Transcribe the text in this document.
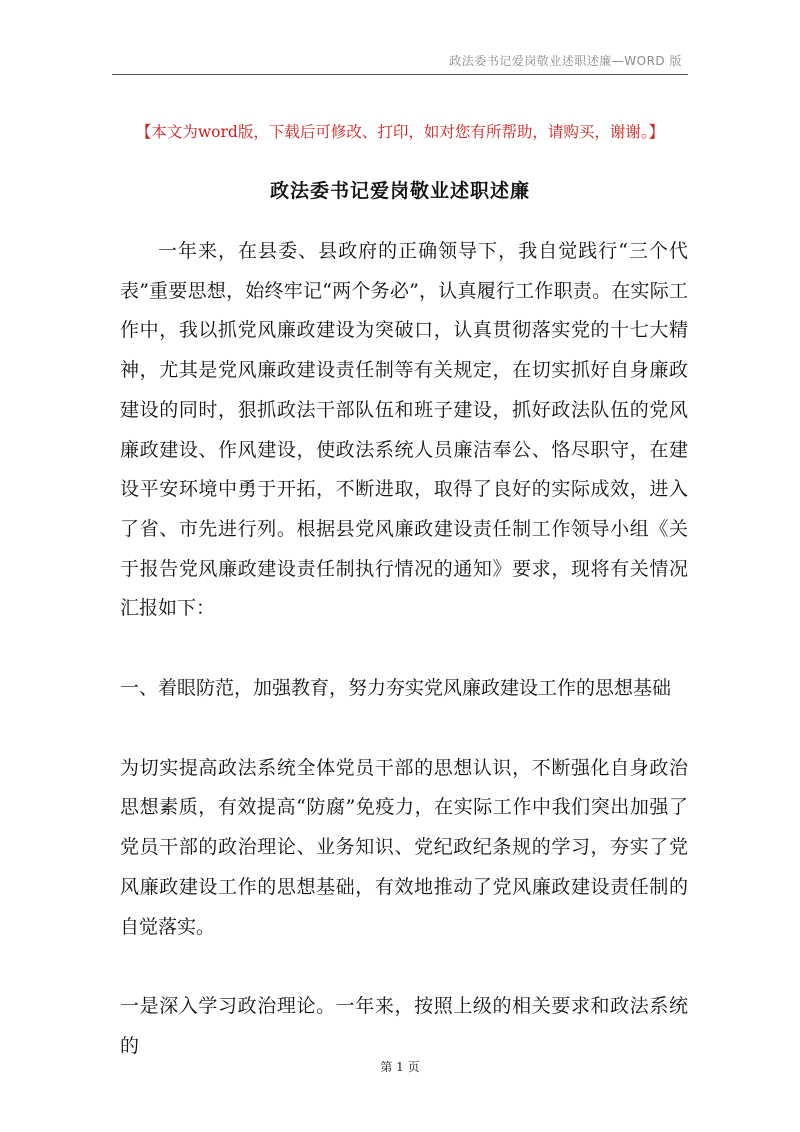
政法委书记爱岗敬业述职述廉—WORD 版
【本文为word版，下载后可修改、打印，如对您有所帮助，请购买，谢谢。】
政法委书记爱岗敬业述职述廉

一年来，在县委、县政府的正确领导下，我自觉践行“三个代表”重要思想，始终牢记“两个务必”，认真履行工作职责。在实际工作中，我以抓党风廉政建设为突破口，认真贯彻落实党的十七大精神，尤其是党风廉政建设责任制等有关规定，在切实抓好自身廉政建设的同时，狠抓政法干部队伍和班子建设，抓好政法队伍的党风廉政建设、作风建设，使政法系统人员廉洁奉公、恪尽职守，在建设平安环境中勇于开拓，不断进取，取得了良好的实际成效，进入了省、市先进行列。根据县党风廉政建设责任制工作领导小组《关于报告党风廉政建设责任制执行情况的通知》要求，现将有关情况汇报如下：

一、着眼防范，加强教育，努力夯实党风廉政建设工作的思想基础

为切实提高政法系统全体党员干部的思想认识，不断强化自身政治思想素质，有效提高“防腐”免疫力，在实际工作中我们突出加强了党员干部的政治理论、业务知识、党纪政纪条规的学习，夯实了党风廉政建设工作的思想基础，有效地推动了党风廉政建设责任制的自觉落实。

一是深入学习政治理论。一年来，按照上级的相关要求和政法系统的

第 1 页
